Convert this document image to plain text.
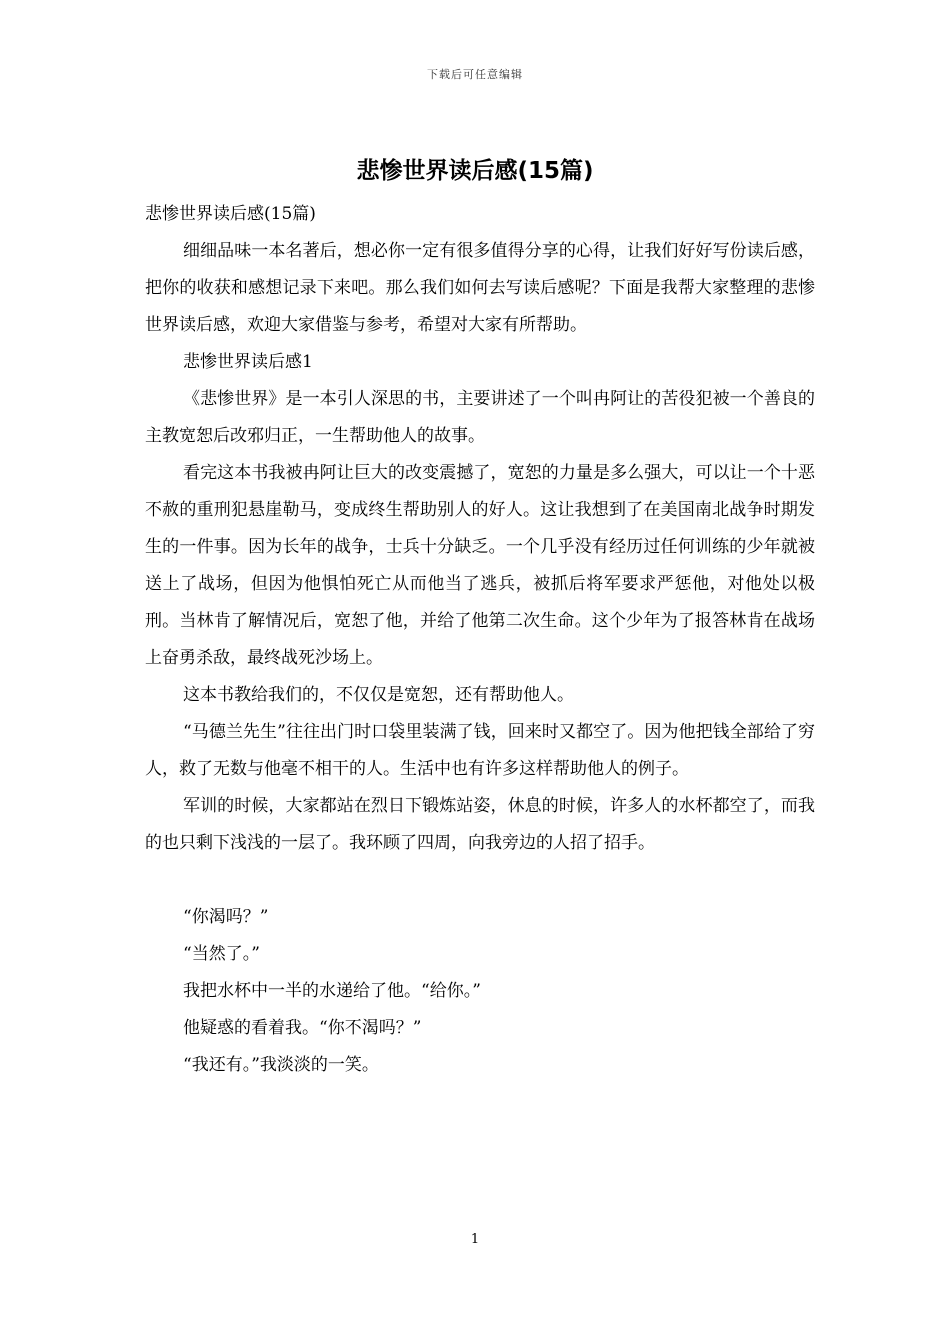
下载后可任意编辑
悲惨世界读后感(15篇)

悲惨世界读后感(15篇)

细细品味一本名著后，想必你一定有很多值得分享的心得，让我们好好写份读后感，把你的收获和感想记录下来吧。那么我们如何去写读后感呢？下面是我帮大家整理的悲惨世界读后感，欢迎大家借鉴与参考，希望对大家有所帮助。

悲惨世界读后感1

《悲惨世界》是一本引人深思的书，主要讲述了一个叫冉阿让的苦役犯被一个善良的主教宽恕后改邪归正，一生帮助他人的故事。

看完这本书我被冉阿让巨大的改变震撼了，宽恕的力量是多么强大，可以让一个十恶不赦的重刑犯悬崖勒马，变成终生帮助别人的好人。这让我想到了在美国南北战争时期发生的一件事。因为长年的战争，士兵十分缺乏。一个几乎没有经历过任何训练的少年就被送上了战场，但因为他惧怕死亡从而他当了逃兵，被抓后将军要求严惩他，对他处以极刑。当林肯了解情况后，宽恕了他，并给了他第二次生命。这个少年为了报答林肯在战场上奋勇杀敌，最终战死沙场上。

这本书教给我们的，不仅仅是宽恕，还有帮助他人。

“马德兰先生”往往出门时口袋里装满了钱，回来时又都空了。因为他把钱全部给了穷人，救了无数与他毫不相干的人。生活中也有许多这样帮助他人的例子。

军训的时候，大家都站在烈日下锻炼站姿，休息的时候，许多人的水杯都空了，而我的也只剩下浅浅的一层了。我环顾了四周，向我旁边的人招了招手。

“你渴吗？”

“当然了。”

我把水杯中一半的水递给了他。“给你。”

他疑惑的看着我。“你不渴吗？”

“我还有。”我淡淡的一笑。

1
